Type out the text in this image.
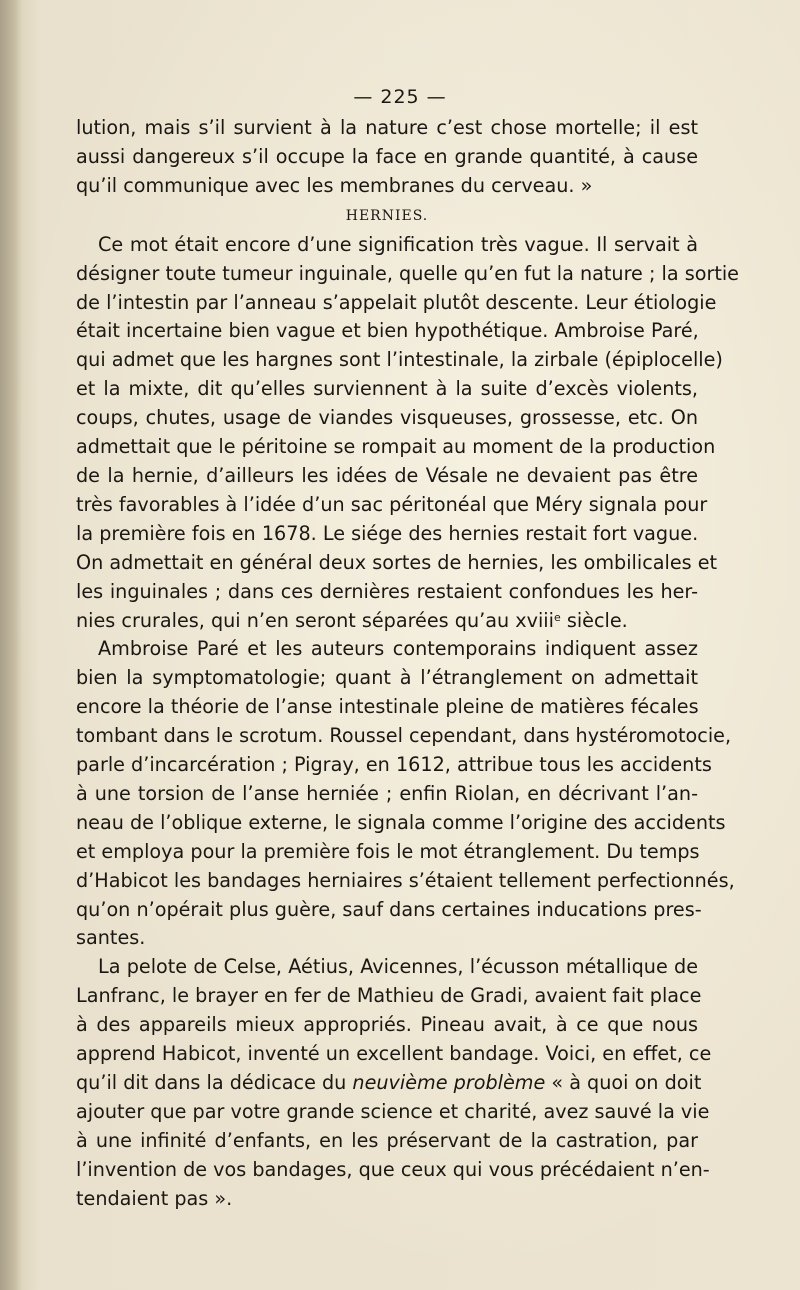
— 225 —
lution, mais s’il survient à la nature c’est chose mortelle; il est
aussi dangereux s’il occupe la face en grande quantité, à cause
qu’il communique avec les membranes du cerveau. »
HERNIES.
Ce mot était encore d’une signification très vague. Il servait à
désigner toute tumeur inguinale, quelle qu’en fut la nature ; la sortie
de l’intestin par l’anneau s’appelait plutôt descente. Leur étiologie
était incertaine bien vague et bien hypothétique. Ambroise Paré,
qui admet que les hargnes sont l’intestinale, la zirbale (épiplocelle)
et la mixte, dit qu’elles surviennent à la suite d’excès violents,
coups, chutes, usage de viandes visqueuses, grossesse, etc. On
admettait que le péritoine se rompait au moment de la production
de la hernie, d’ailleurs les idées de Vésale ne devaient pas être
très favorables à l’idée d’un sac péritonéal que Méry signala pour
la première fois en 1678. Le siége des hernies restait fort vague.
On admettait en général deux sortes de hernies, les ombilicales et
les inguinales ; dans ces dernières restaient confondues les her-
nies crurales, qui n’en seront séparées qu’au xviii$^e$ siècle.
Ambroise Paré et les auteurs contemporains indiquent assez
bien la symptomatologie; quant à l’étranglement on admettait
encore la théorie de l’anse intestinale pleine de matières fécales
tombant dans le scrotum. Roussel cependant, dans hystéromotocie,
parle d’incarcération ; Pigray, en 1612, attribue tous les accidents
à une torsion de l’anse herniée ; enfin Riolan, en décrivant l’an-
neau de l’oblique externe, le signala comme l’origine des accidents
et employa pour la première fois le mot étranglement. Du temps
d’Habicot les bandages herniaires s’étaient tellement perfectionnés,
qu’on n’opérait plus guère, sauf dans certaines inducations pres-
santes.
La pelote de Celse, Aétius, Avicennes, l’écusson métallique de
Lanfranc, le brayer en fer de Mathieu de Gradi, avaient fait place
à des appareils mieux appropriés. Pineau avait, à ce que nous
apprend Habicot, inventé un excellent bandage. Voici, en effet, ce
qu’il dit dans la dédicace du neuvième problème « à quoi on doit
ajouter que par votre grande science et charité, avez sauvé la vie
à une infinité d’enfants, en les préservant de la castration, par
l’invention de vos bandages, que ceux qui vous précédaient n’en-
tendaient pas ».
